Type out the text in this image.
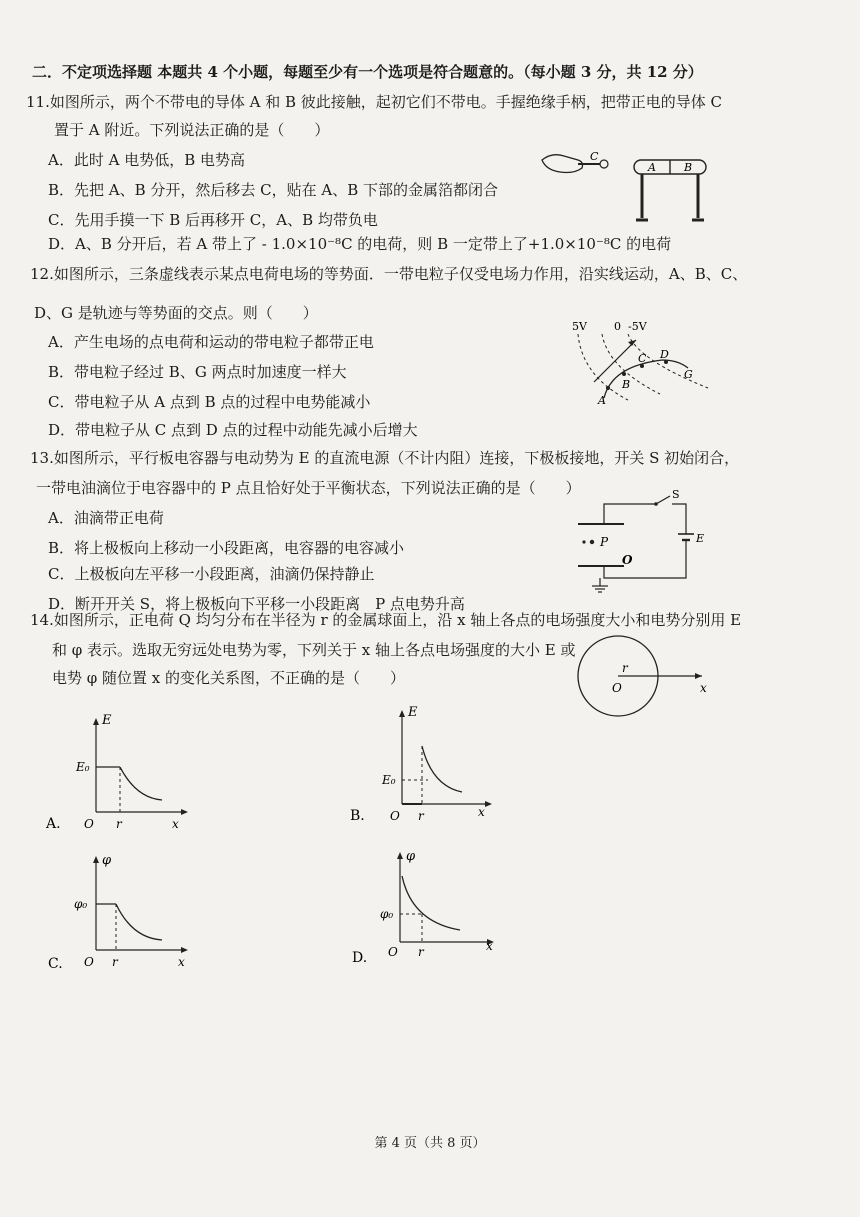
二．不定项选择题 本题共 4 个小题，每题至少有一个选项是符合题意的。（每小题 3 分，共 12 分）
11.如图所示，两个不带电的导体 A 和 B 彼此接触，起初它们不带电。手握绝缘手柄，把带正电的导体 C
置于 A 附近。下列说法正确的是（　　）
A．此时 A 电势低，B 电势高
B．先把 A、B 分开，然后移去 C，贴在 A、B 下部的金属箔都闭合
C．先用手摸一下 B 后再移开 C，A、B 均带负电
D．A、B 分开后，若 A 带上了 - 1.0×10⁻⁸C 的电荷，则 B 一定带上了+1.0×10⁻⁸C 的电荷
C
A	B
12.如图所示，三条虚线表示某点电荷电场的等势面．一带电粒子仅受电场力作用，沿实线运动，A、B、C、
D、G 是轨迹与等势面的交点。则（　　）
A．产生电场的点电荷和运动的带电粒子都带正电
B．带电粒子经过 B、G 两点时加速度一样大
C．带电粒子从 A 点到 B 点的过程中电势能减小
D．带电粒子从 C 点到 D 点的过程中动能先减小后增大
5V 0 -5V
A
B
C D
G
13.如图所示，平行板电容器与电动势为 E 的直流电源（不计内阻）连接，下极板接地，开关 S 初始闭合，
一带电油滴位于电容器中的 P 点且恰好处于平衡状态，下列说法正确的是（　　）
A．油滴带正电荷
B．将上极板向上移动一小段距离，电容器的电容减小
C．上极板向左平移一小段距离，油滴仍保持静止
D．断开开关 S，将上极板向下平移一小段距离　P 点电势升高
P
O
S
E
14.如图所示，正电荷 Q 均匀分布在半径为 r 的金属球面上，沿 x 轴上各点的电场强度大小和电势分别用 E
和 φ 表示。选取无穷远处电势为零，下列关于 x 轴上各点电场强度的大小 E 或
电势 φ 随位置 x 的变化关系图，不正确的是（　　）
O
r
x
A.
E
E₀
O r	x	B.
E
E₀
O r	x
C.
φ
φ₀
O r	x	D.
φ
φ₀
O r	x
第 4 页（共 8 页）
